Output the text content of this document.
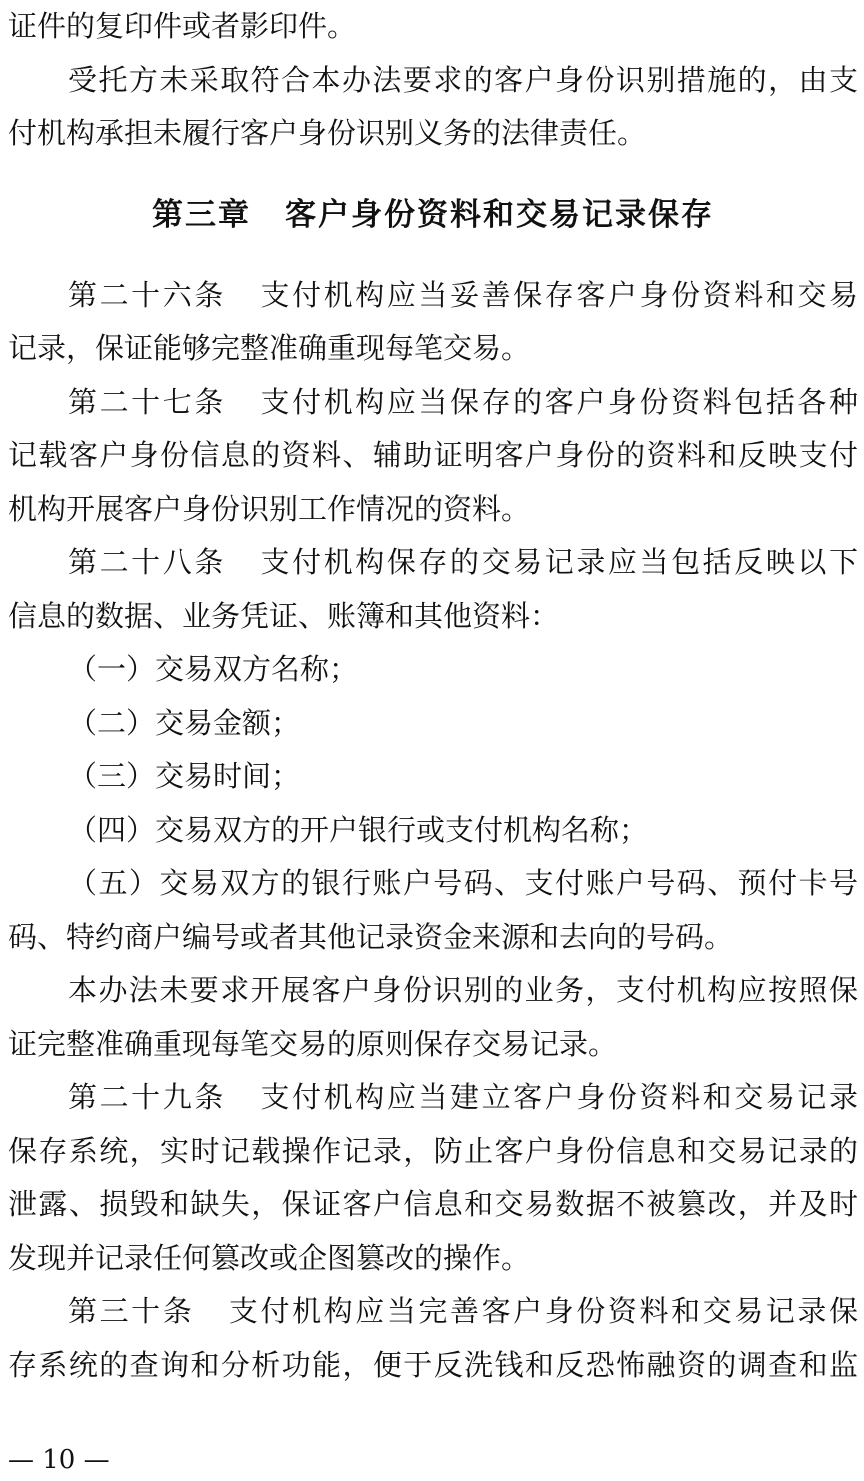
证件的复印件或者影印件。
受托方未采取符合本办法要求的客户身份识别措施的，由支
付机构承担未履行客户身份识别义务的法律责任。
第三章 客户身份资料和交易记录保存
第二十六条 支付机构应当妥善保存客户身份资料和交易
记录，保证能够完整准确重现每笔交易。
第二十七条 支付机构应当保存的客户身份资料包括各种
记载客户身份信息的资料、辅助证明客户身份的资料和反映支付
机构开展客户身份识别工作情况的资料。
第二十八条 支付机构保存的交易记录应当包括反映以下
信息的数据、业务凭证、账簿和其他资料：
（一）交易双方名称；
（二）交易金额；
（三）交易时间；
（四）交易双方的开户银行或支付机构名称；
（五）交易双方的银行账户号码、支付账户号码、预付卡号
码、特约商户编号或者其他记录资金来源和去向的号码。
本办法未要求开展客户身份识别的业务，支付机构应按照保
证完整准确重现每笔交易的原则保存交易记录。
第二十九条 支付机构应当建立客户身份资料和交易记录
保存系统，实时记载操作记录，防止客户身份信息和交易记录的
泄露、损毁和缺失，保证客户信息和交易数据不被篡改，并及时
发现并记录任何篡改或企图篡改的操作。
第三十条 支付机构应当完善客户身份资料和交易记录保
存系统的查询和分析功能，便于反洗钱和反恐怖融资的调查和监
— 10 —
